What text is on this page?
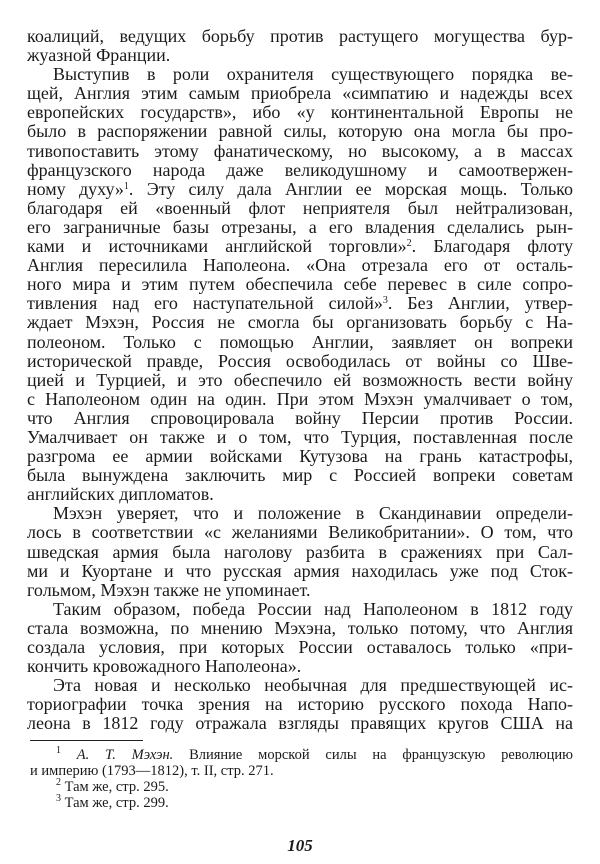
коалиций, ведущих борьбу против растущего могущества бур-
жуазной Франции.
Выступив в роли охранителя существующего порядка ве-
щей, Англия этим самым приобрела «симпатию и надежды всех
европейских государств», ибо «у континентальной Европы не
было в распоряжении равной силы, которую она могла бы про-
тивопоставить этому фанатическому, но высокому, а в массах
французского народа даже великодушному и самоотвержен-
ному духу»$^1$. Эту силу дала Англии ее морская мощь. Только
благодаря ей «военный флот неприятеля был нейтрализован,
его заграничные базы отрезаны, а его владения сделались рын-
ками и источниками английской торговли»$^2$. Благодаря флоту
Англия пересилила Наполеона. «Она отрезала его от осталь-
ного мира и этим путем обеспечила себе перевес в силе сопро-
тивления над его наступательной силой»$^3$. Без Англии, утвер-
ждает Мэхэн, Россия не смогла бы организовать борьбу с На-
полеоном. Только с помощью Англии, заявляет он вопреки
исторической правде, Россия освободилась от войны со Шве-
цией и Турцией, и это обеспечило ей возможность вести войну
с Наполеоном один на один. При этом Мэхэн умалчивает о том,
что Англия спровоцировала войну Персии против России.
Умалчивает он также и о том, что Турция, поставленная после
разгрома ее армии войсками Кутузова на грань катастрофы,
была вынуждена заключить мир с Россией вопреки советам
английских дипломатов.
Мэхэн уверяет, что и положение в Скандинавии определи-
лось в соответствии «с желаниями Великобритании». О том, что
шведская армия была наголову разбита в сражениях при Сал-
ми и Куортане и что русская армия находилась уже под Сток-
гольмом, Мэхэн также не упоминает.
Таким образом, победа России над Наполеоном в 1812 году
стала возможна, по мнению Мэхэна, только потому, что Англия
создала условия, при которых России оставалось только «при-
кончить кровожадного Наполеона».
Эта новая и несколько необычная для предшествующей ис-
ториографии точка зрения на историю русского похода Напо-
леона в 1812 году отражала взгляды правящих кругов США на
$^1$ А. Т. Мэхэн. Влияние морской силы на французскую революцию
и империю (1793—1812), т. II, стр. 271.
$^2$ Там же, стр. 295.
$^3$ Там же, стр. 299.
105
